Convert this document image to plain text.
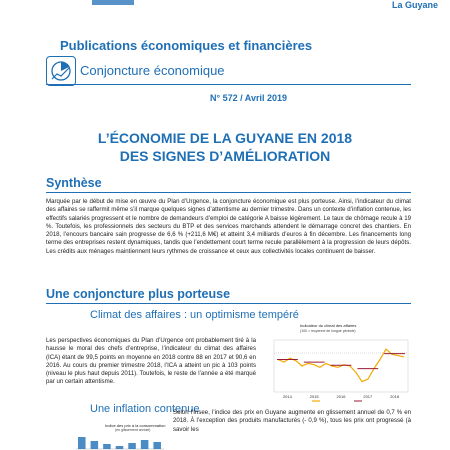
La Guyane
Publications économiques et financières
Conjoncture économique
N° 572 / Avril 2019
L’ÉCONOMIE DE LA GUYANE EN 2018
DES SIGNES D’AMÉLIORATION
Synthèse
Marquée par le début de mise en œuvre du Plan d’Urgence, la conjoncture économique est plus porteuse. Ainsi, l’indicateur du climat des affaires se raffermit même s’il marque quelques signes d’attentisme au dernier trimestre. Dans un contexte d’inflation contenue, les effectifs salariés progressent et le nombre de demandeurs d’emploi de catégorie A baisse légèrement. Le taux de chômage recule à 19 %. Toutefois, les professionnels des secteurs du BTP et des services marchands attendent le démarrage concret des chantiers. En 2018, l’encours bancaire sain progresse de 6,6 % (+211,6 M€) et atteint 3,4 milliards d’euros à fin décembre. Les financements long terme des entreprises restent dynamiques, tandis que l’endettement court terme recule parallèlement à la progression de leurs dépôts. Les crédits aux ménages maintiennent leurs rythmes de croissance et ceux aux collectivités locales continuent de baisser.
Une conjoncture plus porteuse
Climat des affaires : un optimisme tempéré
Les perspectives économiques du Plan d’Urgence ont probablement tiré à la hausse le moral des chefs d’entreprise, l’indicateur du climat des affaires (ICA) étant de 99,5 points en moyenne en 2018 contre 88 en 2017 et 90,6 en 2016. Au cours du premier trimestre 2018, l’ICA a atteint un pic à 103 points (niveau le plus haut depuis 2011). Toutefois, le reste de l’année a été marqué par un certain attentisme.
Indicateur du climat des affaires
(100 = moyenne de longue période)
2014	2015	2016	2017	2018
Une inflation contenue
Indice des prix à la consommation
(en glissement annuel)
Selon l’Insee, l’indice des prix en Guyane augmente en glissement annuel de 0,7 % en 2018. À l’exception des produits manufacturés (- 0,9 %), tous les prix ont progressé (à savoir les
